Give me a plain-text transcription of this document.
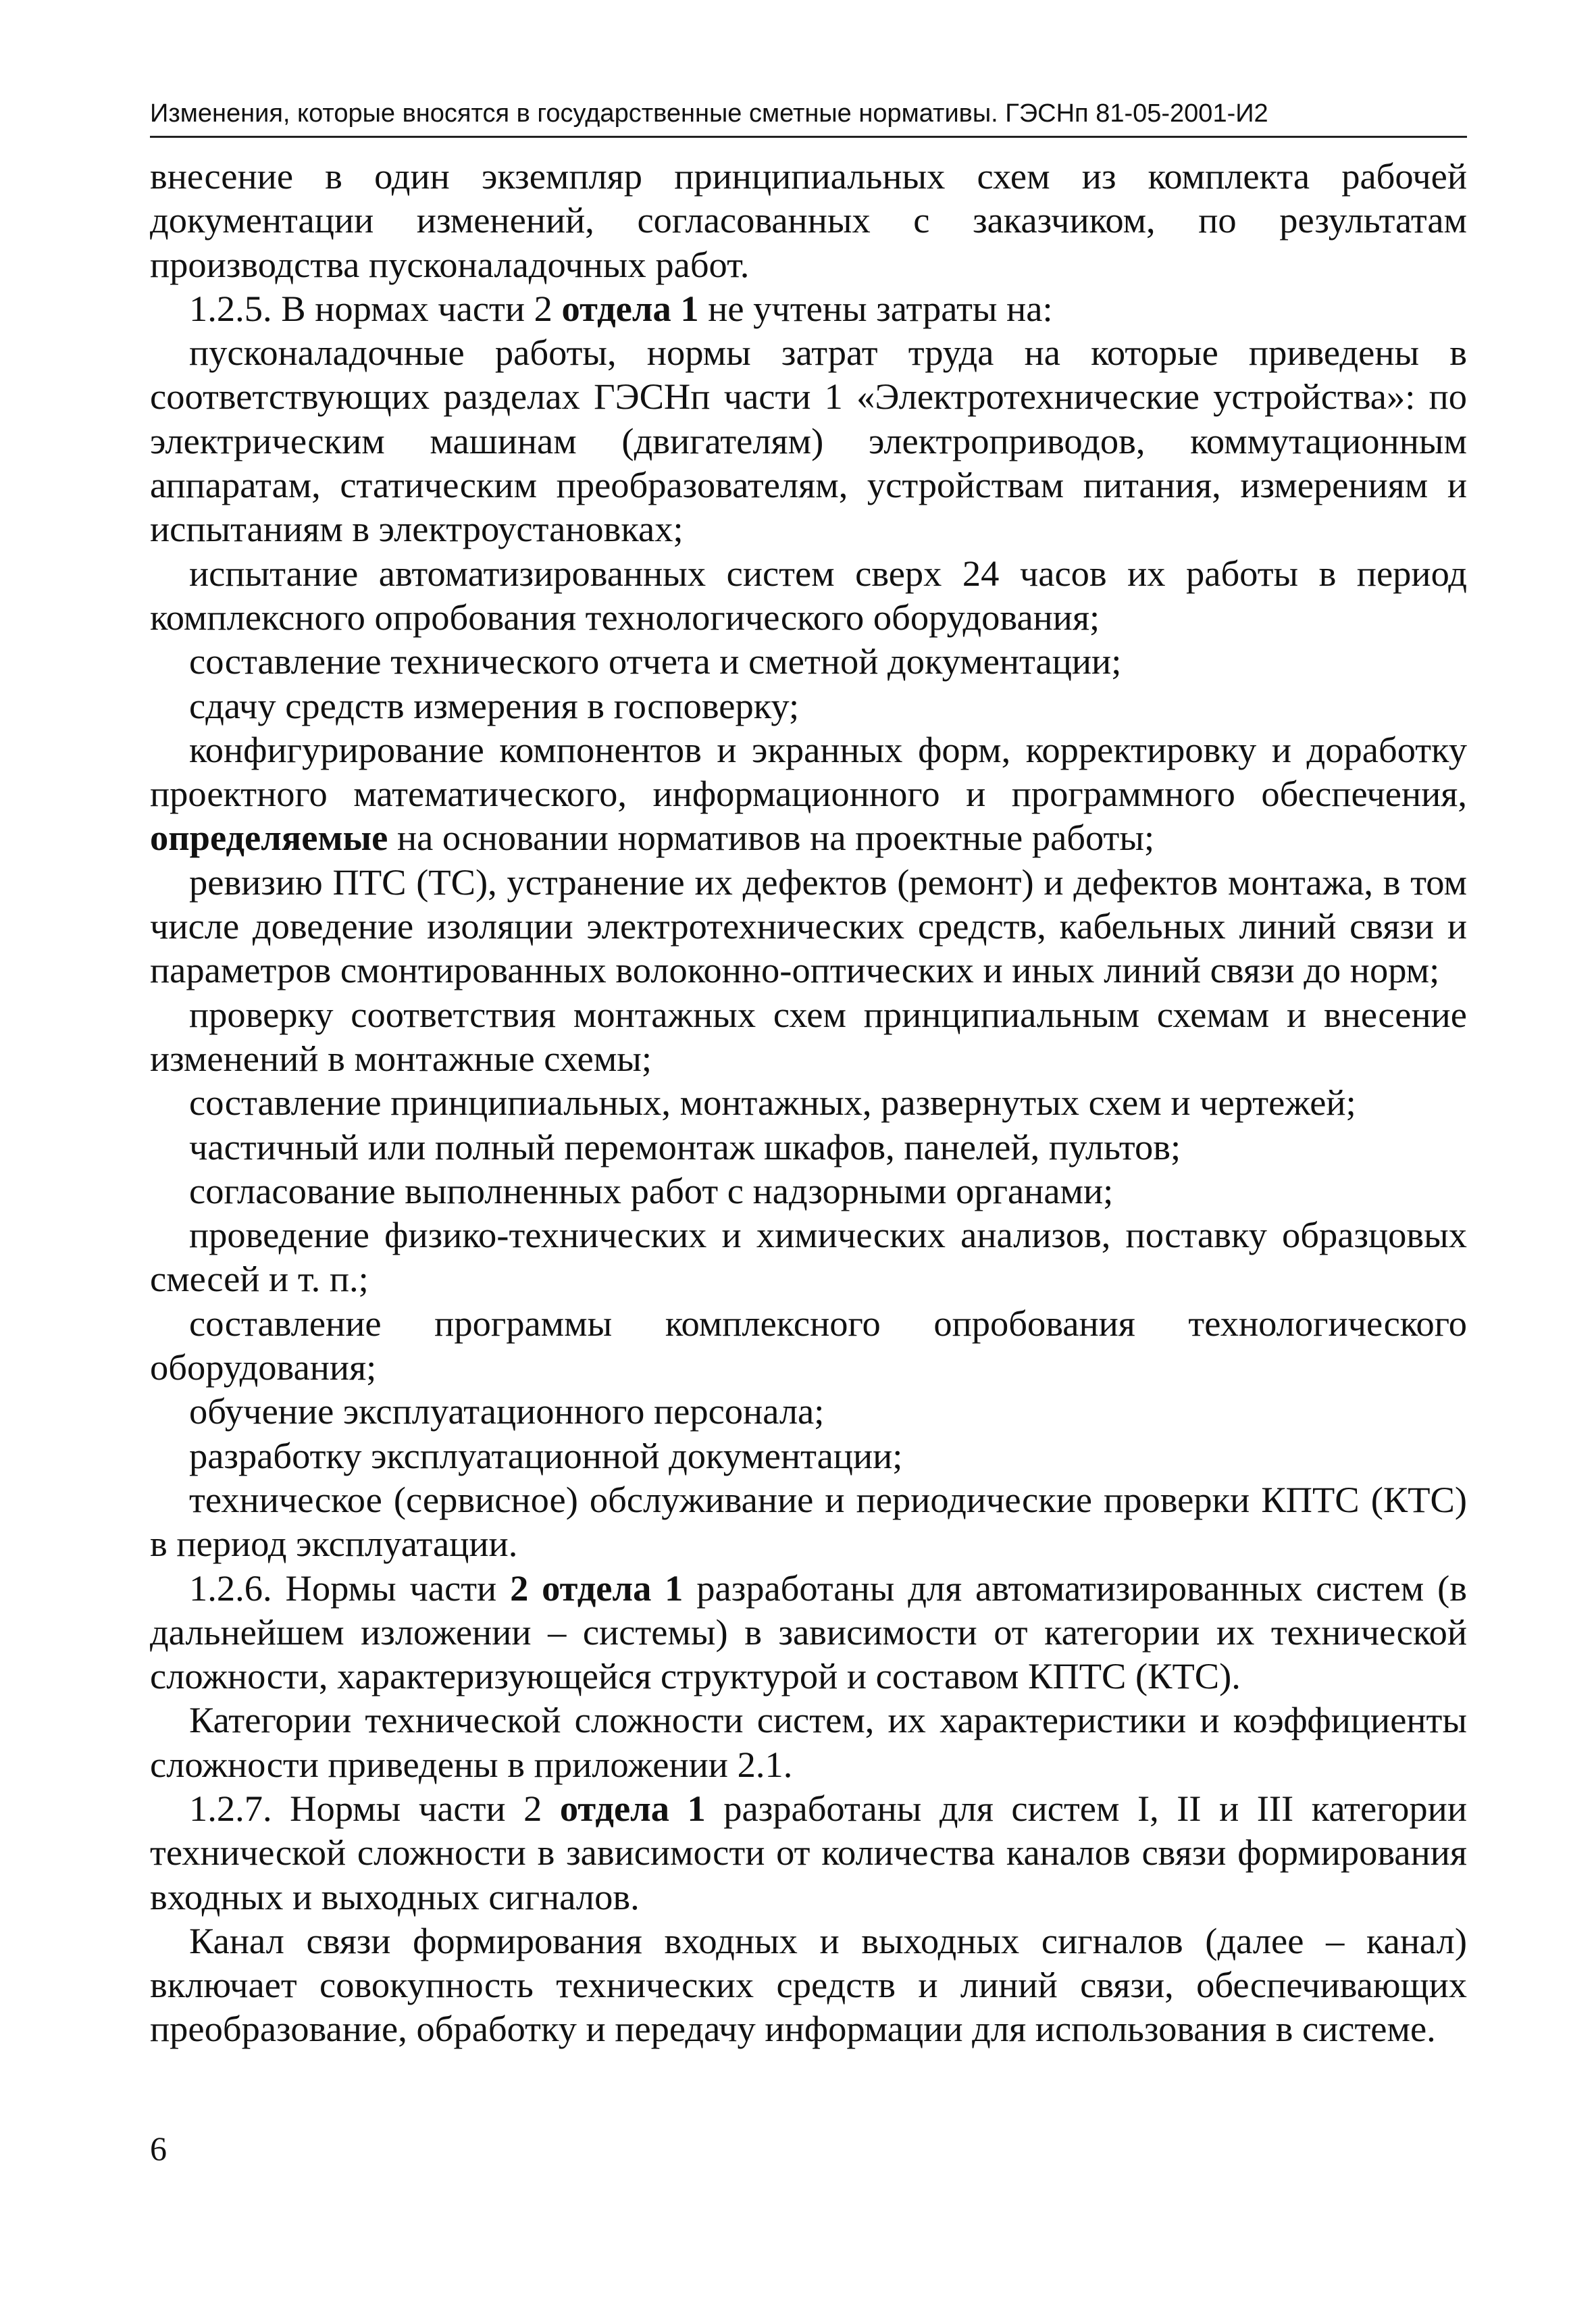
Изменения, которые вносятся в государственные сметные нормативы. ГЭСНп 81-05-2001-И2

внесение в один экземпляр принципиальных схем из комплекта рабочей документации изменений, согласованных с заказчиком, по результатам производства пусконаладочных работ.

1.2.5. В нормах части 2 отдела 1 не учтены затраты на:

пусконаладочные работы, нормы затрат труда на которые приведены в соответствующих разделах ГЭСНп части 1 «Электротехнические устройства»: по электрическим машинам (двигателям) электроприводов, коммутационным аппаратам, статическим преобразователям, устройствам питания, измерениям и испытаниям в электроустановках;

испытание автоматизированных систем сверх 24 часов их работы в период комплексного опробования технологического оборудования;

составление технического отчета и сметной документации;

сдачу средств измерения в госповерку;

конфигурирование компонентов и экранных форм, корректировку и доработку проектного математического, информационного и программного обеспечения, определяемые на основании нормативов на проектные работы;

ревизию ПТС (ТС), устранение их дефектов (ремонт) и дефектов монтажа, в том числе доведение изоляции электротехнических средств, кабельных линий связи и параметров смонтированных волоконно-оптических и иных линий связи до норм;

проверку соответствия монтажных схем принципиальным схемам и внесение изменений в монтажные схемы;

составление принципиальных, монтажных, развернутых схем и чертежей;

частичный или полный перемонтаж шкафов, панелей, пультов;

согласование выполненных работ с надзорными органами;

проведение физико-технических и химических анализов, поставку образцовых смесей и т. п.;

составление программы комплексного опробования технологического оборудования;

обучение эксплуатационного персонала;

разработку эксплуатационной документации;

техническое (сервисное) обслуживание и периодические проверки КПТС (КТС) в период эксплуатации.

1.2.6. Нормы части 2 отдела 1 разработаны для автоматизированных систем (в дальнейшем изложении – системы) в зависимости от категории их технической сложности, характеризующейся структурой и составом КПТС (КТС).

Категории технической сложности систем, их характеристики и коэффициенты сложности приведены в приложении 2.1.

1.2.7. Нормы части 2 отдела 1 разработаны для систем I, II и III категории технической сложности в зависимости от количества каналов связи формирования входных и выходных сигналов.

Канал связи формирования входных и выходных сигналов (далее – канал) включает совокупность технических средств и линий связи, обеспечивающих преобразование, обработку и передачу информации для использования в системе.

6
